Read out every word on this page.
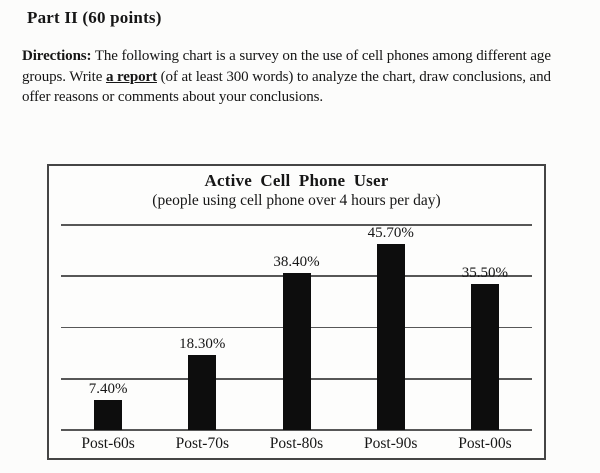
Part II (60 points)

Directions: The following chart is a survey on the use of cell phones among different age groups. Write a report (of at least 300 words) to analyze the chart, draw conclusions, and offer reasons or comments about your conclusions.

Active Cell Phone User
(people using cell phone over 4 hours per day)
7.40%
18.30%
38.40%
45.70%
35.50%
Post-60s	Post-70s	Post-80s	Post-90s	Post-00s
